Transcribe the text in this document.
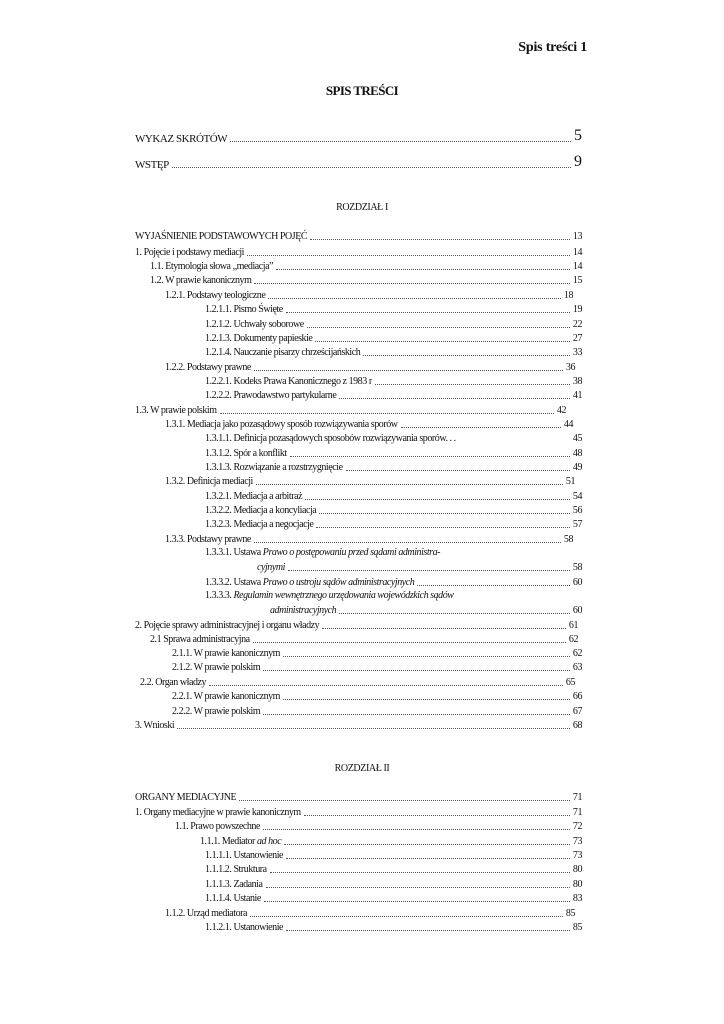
Spis treści 1
SPIS TREŚCI
WYKAZ SKRÓTÓW	5
WSTĘP	9
ROZDZIAŁ I
WYJAŚNIENIE PODSTAWOWYCH POJĘĆ	13
1. Pojęcie i podstawy mediacji	14
1.1. Etymologia słowa „mediacja”	14
1.2. W prawie kanonicznym	15
1.2.1. Podstawy teologiczne	18
1.2.1.1. Pismo Święte	19
1.2.1.2. Uchwały soborowe	22
1.2.1.3. Dokumenty papieskie	27
1.2.1.4. Nauczanie pisarzy chrześcijańskich	33
1.2.2. Podstawy prawne	36
1.2.2.1. Kodeks Prawa Kanonicznego z 1983 r	38
1.2.2.2. Prawodawstwo partykularne	41
1.3. W prawie polskim	42
1.3.1. Mediacja jako pozasądowy sposób rozwiązywania sporów	44
1.3.1.1. Definicja pozasądowych sposobów rozwiązywania sporów. . .	45
1.3.1.2. Spór a konflikt	48
1.3.1.3. Rozwiązanie a rozstrzygnięcie	49
1.3.2. Definicja mediacji	51
1.3.2.1. Mediacja a arbitraż	54
1.3.2.2. Mediacja a koncyliacja	56
1.3.2.3. Mediacja a negocjacje	57
1.3.3. Podstawy prawne	58
1.3.3.1. Ustawa Prawo o postępowaniu przed sądami administra-
cyjnymi	58
1.3.3.2. Ustawa Prawo o ustroju sądów administracyjnych	60
1.3.3.3. Regulamin wewnętrznego urzędowania wojewódzkich sądów
administracyjnych	60
2. Pojęcie sprawy administracyjnej i organu władzy	61
2.1 Sprawa administracyjna	62
2.1.1. W prawie kanonicznym	62
2.1.2. W prawie polskim	63
2.2. Organ władzy	65
2.2.1. W prawie kanonicznym	66
2.2.2. W prawie polskim	67
3. Wnioski	68
ROZDZIAŁ II
ORGANY MEDIACYJNE	71
1. Organy mediacyjne w prawie kanonicznym	71
1.1. Prawo powszechne	72
1.1.1. Mediator ad hoc	73
1.1.1.1. Ustanowienie	73
1.1.1.2. Struktura	80
1.1.1.3. Zadania	80
1.1.1.4. Ustanie	83
1.1.2. Urząd mediatora	85
1.1.2.1. Ustanowienie	85
